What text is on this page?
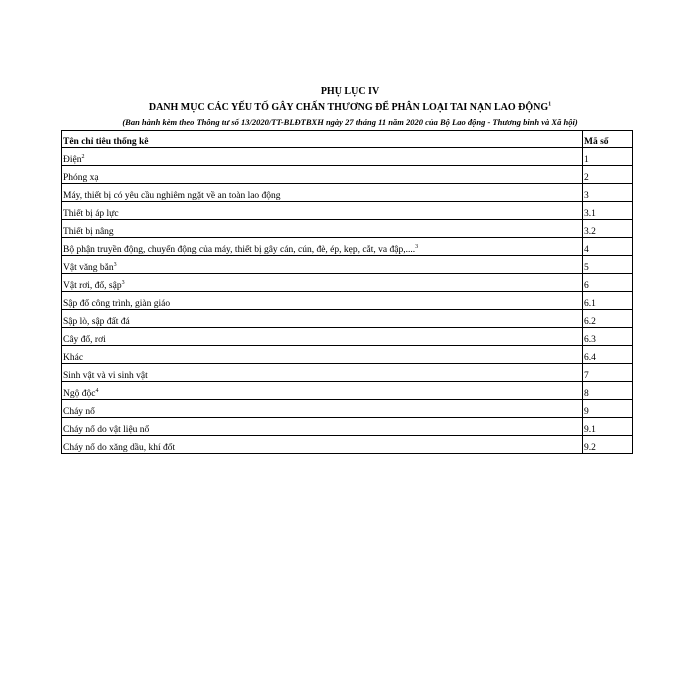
PHỤ LỤC IV
DANH MỤC CÁC YẾU TỐ GÂY CHẤN THƯƠNG ĐỂ PHÂN LOẠI TAI NẠN LAO ĐỘNG$^1$
(Ban hành kèm theo Thông tư số 13/2020/TT-BLĐTBXH ngày 27 tháng 11 năm 2020 của Bộ Lao động - Thương binh và Xã hội)
Tên chỉ tiêu thống kê	Mã số
Điện$^2$	1
Phóng xạ	2
Máy, thiết bị có yêu cầu nghiêm ngặt về an toàn lao động	3
Thiết bị áp lực	3.1
Thiết bị nâng	3.2
Bộ phận truyền động, chuyển động của máy, thiết bị gây cán, cún, đè, ép, kẹp, cắt, va đập,....$^3$	4
Vật văng bắn$^3$	5
Vật rơi, đổ, sập$^3$	6
Sập đổ công trình, giàn giáo	6.1
Sập lò, sập đất đá	6.2
Cây đổ, rơi	6.3
Khác	6.4
Sinh vật và vi sinh vật	7
Ngộ độc$^4$	8
Cháy nổ	9
Cháy nổ do vật liệu nổ	9.1
Cháy nổ do xăng dầu, khí đốt	9.2
